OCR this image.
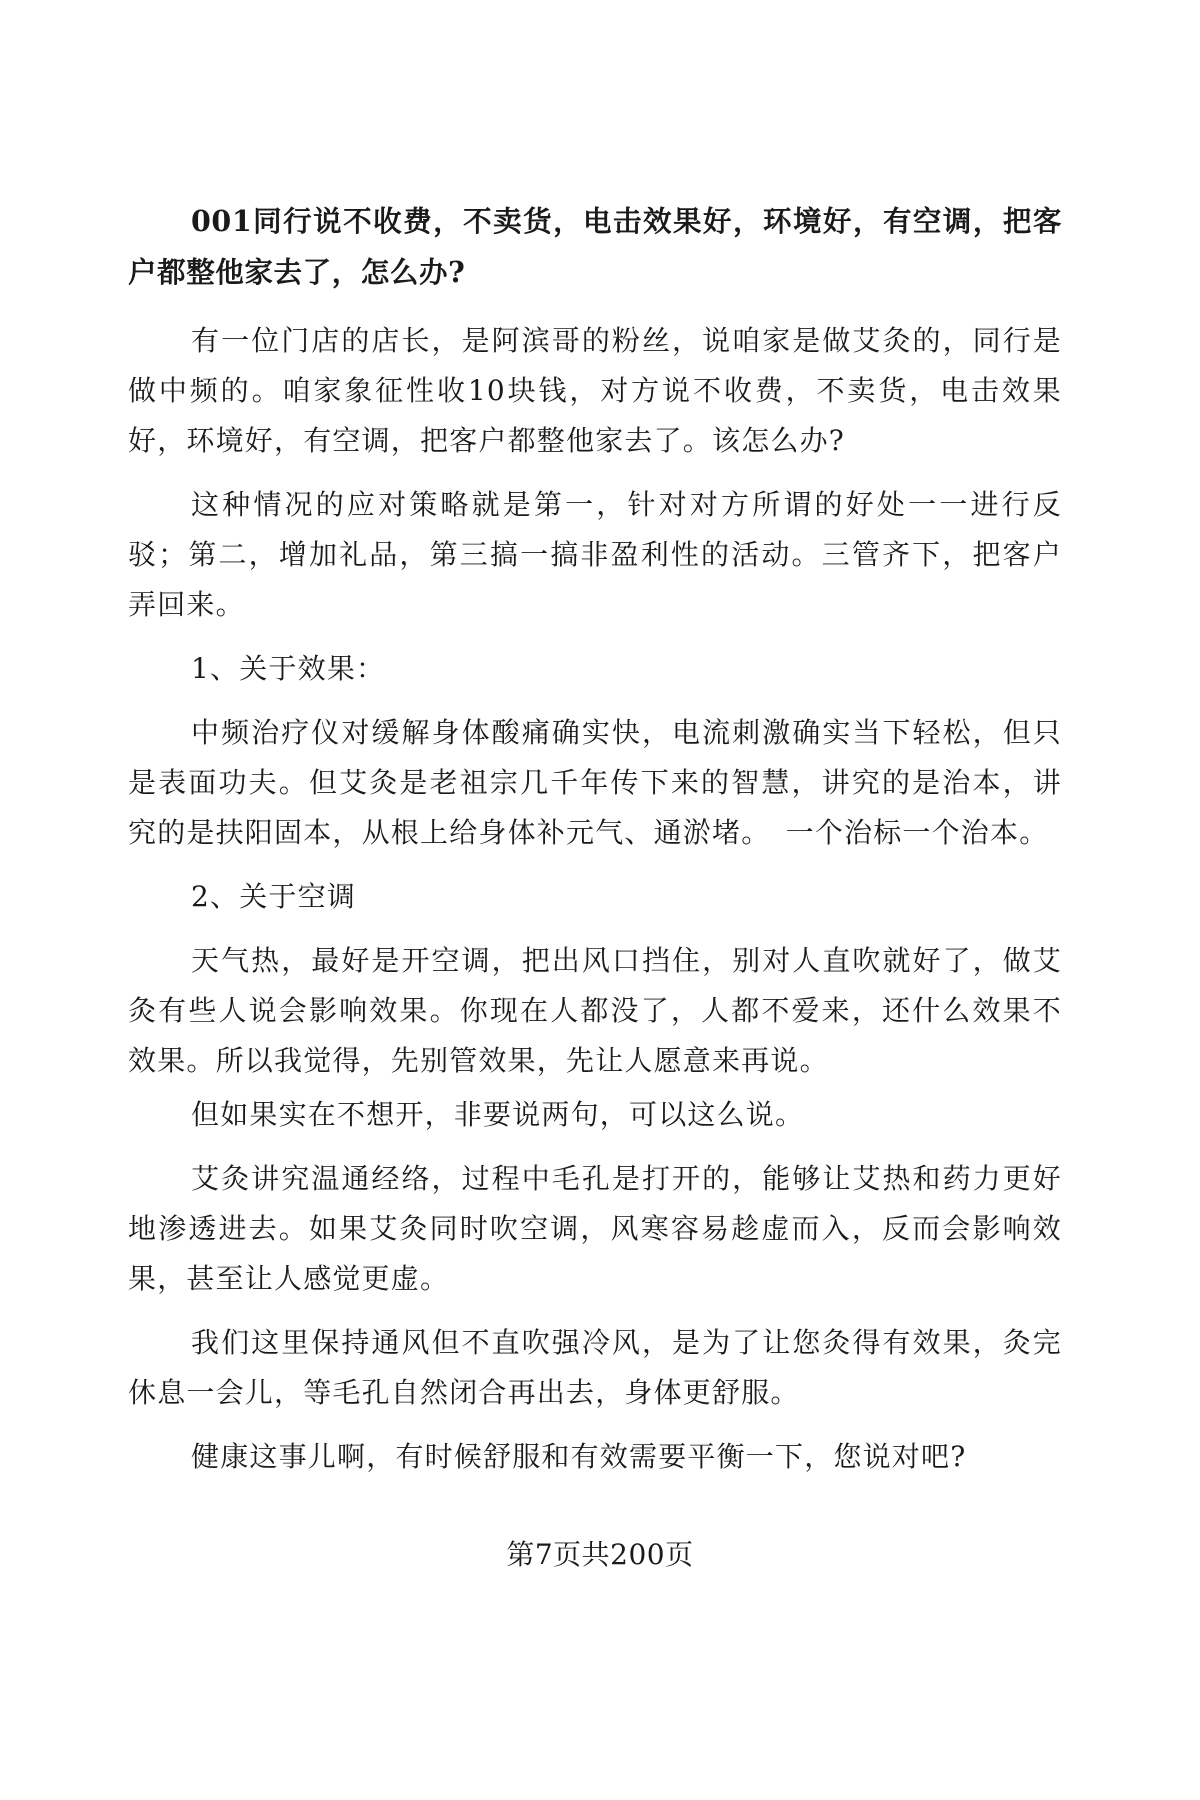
001同行说不收费，不卖货，电击效果好，环境好，有空调，把客户都整他家去了，怎么办?

有一位门店的店长，是阿滨哥的粉丝，说咱家是做艾灸的，同行是做中频的。咱家象征性收10块钱，对方说不收费，不卖货，电击效果好，环境好，有空调，把客户都整他家去了。该怎么办?

这种情况的应对策略就是第一，针对对方所谓的好处一一进行反驳；第二，增加礼品，第三搞一搞非盈利性的活动。三管齐下，把客户弄回来。

1、关于效果：

中频治疗仪对缓解身体酸痛确实快，电流刺激确实当下轻松，但只是表面功夫。但艾灸是老祖宗几千年传下来的智慧，讲究的是治本，讲究的是扶阳固本，从根上给身体补元气、通淤堵。　一个治标一个治本。

2、关于空调

天气热，最好是开空调，把出风口挡住，别对人直吹就好了，做艾灸有些人说会影响效果。你现在人都没了，人都不爱来，还什么效果不效果。所以我觉得，先别管效果，先让人愿意来再说。

但如果实在不想开，非要说两句，可以这么说。

艾灸讲究温通经络，过程中毛孔是打开的，能够让艾热和药力更好地渗透进去。如果艾灸同时吹空调，风寒容易趁虚而入，反而会影响效果，甚至让人感觉更虚。

我们这里保持通风但不直吹强冷风，是为了让您灸得有效果，灸完休息一会儿，等毛孔自然闭合再出去，身体更舒服。

健康这事儿啊，有时候舒服和有效需要平衡一下，您说对吧?

第7页共200页
